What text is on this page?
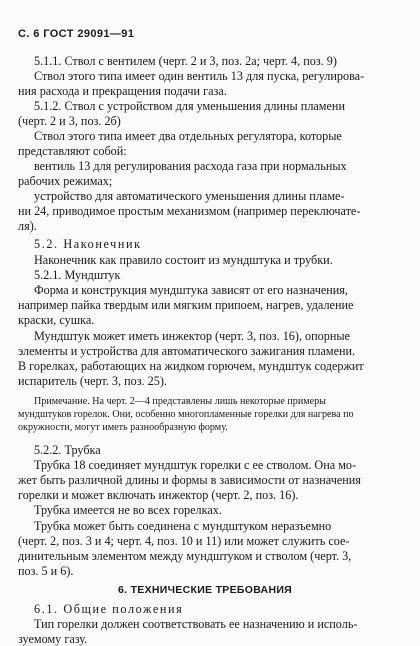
С. 6 ГОСТ 29091—91
5.1.1. Ствол с вентилем (черт. 2 и 3, поз. 2а; черт. 4, поз. 9)
Ствол этого типа имеет один вентиль 13 для пуска, регулирова-
ния расхода и прекращения подачи газа.
5.1.2. Ствол с устройством для уменьшения длины пламени
(черт. 2 и 3, поз. 2б)
Ствол этого типа имеет два отдельных регулятора, которые
представляют собой:
вентиль 13 для регулирования расхода газа при нормальных
рабочих режимах;
устройство для автоматического уменьшения длины пламе-
ни 24, приводимое простым механизмом (например переключате-
ля).
5.2. Наконечник
Наконечник как правило состоит из мундштука и трубки.
5.2.1. Мундштук
Форма и конструкция мундштука зависят от его назначения,
например пайка твердым или мягким припоем, нагрев, удаление
краски, сушка.
Мундштук может иметь инжектор (черт. 3, поз. 16), опорные
элементы и устройства для автоматического зажигания пламени.
В горелках, работающих на жидком горючем, мундштук содержит
испаритель (черт. 3, поз. 25).
Примечание. На черт. 2—4 представлены лишь некоторые примеры
мундштуков горелок. Они, особенно многопламенные горелки для нагрева по
окружности, могут иметь разнообразную форму.
5.2.2. Трубка
Трубка 18 соединяет мундштук горелки с ее стволом. Она мо-
жет быть различной длины и формы в зависимости от назначения
горелки и может включать инжектор (черт. 2, поз. 16).
Трубка имеется не во всех горелках.
Трубка может быть соединена с мундштуком неразъемно
(черт. 2, поз. 3 и 4; черт. 4, поз. 10 и 11) или может служить сое-
динительным элементом между мундштуком и стволом (черт. 3,
поз. 5 и 6).
6. ТЕХНИЧЕСКИЕ ТРЕБОВАНИЯ
6.1. Общие положения
Тип горелки должен соответствовать ее назначению и исполь-
зуемому газу.
